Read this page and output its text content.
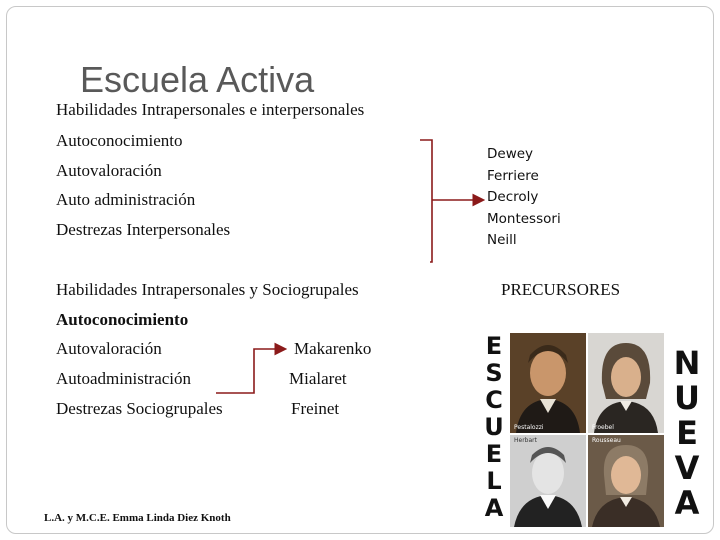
Escuela Activa
Habilidades Intrapersonales e interpersonales
Autoconocimiento
Autovaloración
Auto administración
Destrezas Interpersonales
Dewey
Ferriere
Decroly
Montessori
Neill
Habilidades Intrapersonales y Sociogrupales
Autoconocimiento
Autovaloración
Autoadministración
Destrezas Sociogrupales
Makarenko
Mialaret
Freinet
PRECURSORES
E
S
C
U
E
L
A
N
U
E
V
A
Pestalozzi	Froebel
Herbart	Rousseau
L.A. y M.C.E. Emma Linda Diez Knoth
